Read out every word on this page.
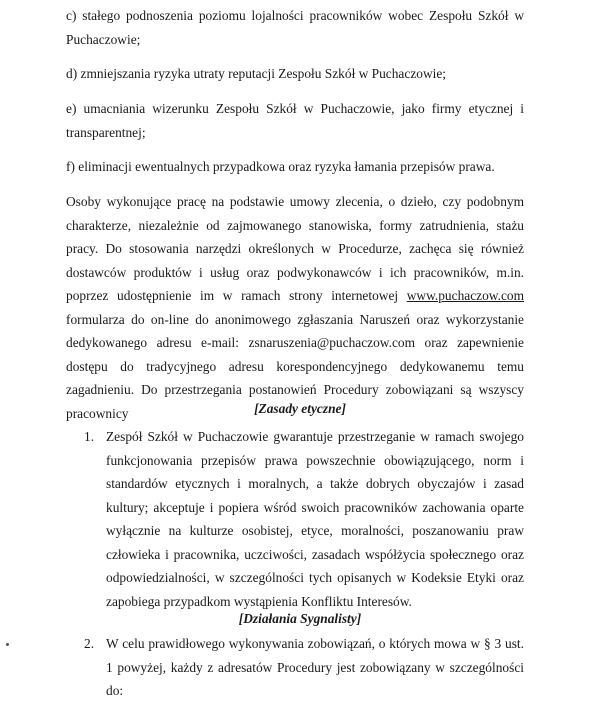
c) stałego podnoszenia poziomu lojalności pracowników wobec Zespołu Szkół w Puchaczowie;

d) zmniejszania ryzyka utraty reputacji Zespołu Szkół w Puchaczowie;

e) umacniania wizerunku Zespołu Szkół w Puchaczowie, jako firmy etycznej i transparentnej;

f) eliminacji ewentualnych przypadkowa oraz ryzyka łamania przepisów prawa.

Osoby wykonujące pracę na podstawie umowy zlecenia, o dzieło, czy podobnym charakterze, niezależnie od zajmowanego stanowiska, formy zatrudnienia, stażu pracy. Do stosowania narzędzi określonych w Procedurze, zachęca się również dostawców produktów i usług oraz podwykonawców i ich pracowników, m.in. poprzez udostępnienie im w ramach strony internetowej www.puchaczow.com formularza do on-line do anonimowego zgłaszania Naruszeń oraz wykorzystanie dedykowanego adresu e-mail: zsnaruszenia@puchaczow.com oraz zapewnienie dostępu do tradycyjnego adresu korespondencyjnego dedykowanemu temu zagadnieniu. Do przestrzegania postanowień Procedury zobowiązani są wszyscy pracownicy	[Zasady etyczne]

1. Zespół Szkół w Puchaczowie gwarantuje przestrzeganie w ramach swojego funkcjonowania przepisów prawa powszechnie obowiązującego, norm i standardów etycznych i moralnych, a także dobrych obyczajów i zasad kultury; akceptuje i popiera wśród swoich pracowników zachowania oparte wyłącznie na kulturze osobistej, etyce, moralności, poszanowaniu praw człowieka i pracownika, uczciwości, zasadach współżycia społecznego oraz odpowiedzialności, w szczególności tych opisanych w Kodeksie Etyki oraz zapobiega przypadkom wystąpienia Konfliktu Interesów.

[Działania Sygnalisty]

2. W celu prawidłowego wykonywania zobowiązań, o których mowa w § 3 ust. 1 powyżej, każdy z adresatów Procedury jest zobowiązany w szczególności do:
